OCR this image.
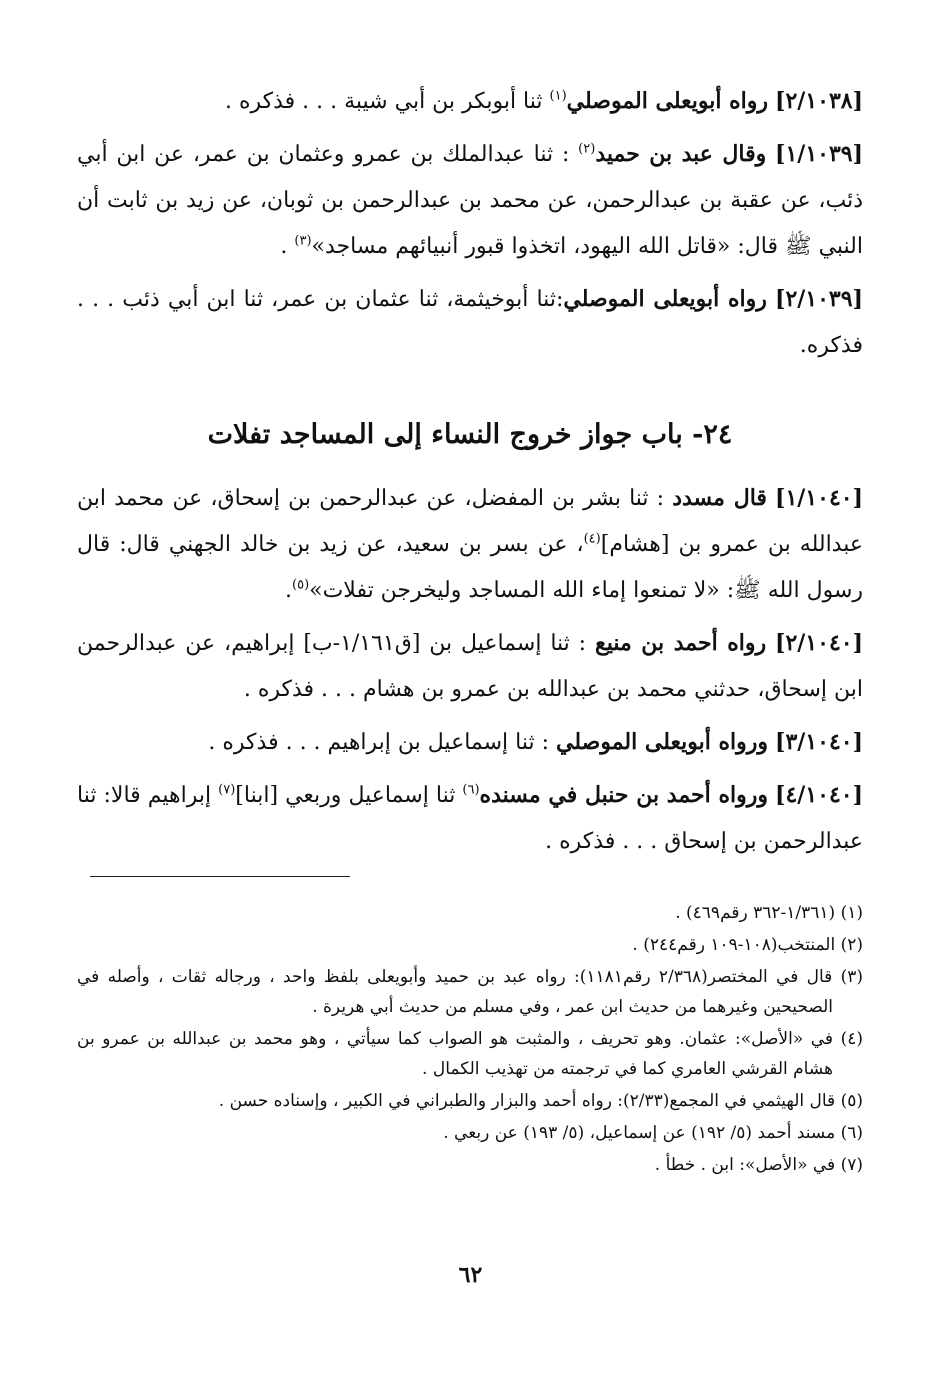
[٢/١٠٣٨] رواه أبويعلى الموصلي$^{(١)}$ ثنا أبوبكر بن أبي شيبة . . . فذكره .

[١/١٠٣٩] وقال عبد بن حميد$^{(٢)}$ : ثنا عبدالملك بن عمرو وعثمان بن عمر، عن ابن أبي ذئب، عن عقبة بن عبدالرحمن، عن محمد بن عبدالرحمن بن ثوبان، عن زيد بن ثابت أن النبي ﷺ قال: «قاتل الله اليهود، اتخذوا قبور أنبيائهم مساجد»$^{(٣)}$ .

[٢/١٠٣٩] رواه أبويعلى الموصلي:ثنا أبوخيثمة، ثنا عثمان بن عمر، ثنا ابن أبي ذئب . . . فذكره.

٢٤- باب جواز خروج النساء إلى المساجد تفلات

[١/١٠٤٠] قال مسدد : ثنا بشر بن المفضل، عن عبدالرحمن بن إسحاق، عن محمد ابن عبدالله بن عمرو بن [هشام]$^{(٤)}$، عن بسر بن سعيد، عن زيد بن خالد الجهني قال: قال رسول الله ﷺ: «لا تمنعوا إماء الله المساجد وليخرجن تفلات»$^{(٥)}$.

[٢/١٠٤٠] رواه أحمد بن منيع : ثنا إسماعيل بن [ق١/١٦١-ب] إبراهيم، عن عبدالرحمن ابن إسحاق، حدثني محمد بن عبدالله بن عمرو بن هشام . . . فذكره .

[٣/١٠٤٠] ورواه أبويعلى الموصلي : ثنا إسماعيل بن إبراهيم . . . فذكره .

[٤/١٠٤٠] ورواه أحمد بن حنبل في مسنده$^{(٦)}$ ثنا إسماعيل وربعي [ابنا]$^{(٧)}$ إبراهيم قالا: ثنا عبدالرحمن بن إسحاق . . . فذكره .

(١) (١/٣٦١-٣٦٢ رقم٤٦٩) .

(٢) المنتخب(١٠٨-١٠٩ رقم٢٤٤) .

(٣) قال في المختصر(٢/٣٦٨ رقم١١٨١): رواه عبد بن حميد وأبويعلى بلفظ واحد ، ورجاله ثقات ، وأصله في الصحيحين وغيرهما من حديث ابن عمر ، وفي مسلم من حديث أبي هريرة .

(٤) في «الأصل»: عثمان. وهو تحريف ، والمثبت هو الصواب كما سيأتي ، وهو محمد بن عبدالله بن عمرو بن هشام القرشي العامري كما في ترجمته من تهذيب الكمال .

(٥) قال الهيثمي في المجمع(٢/٣٣): رواه أحمد والبزار والطبراني في الكبير ، وإسناده حسن .

(٦) مسند أحمد (٥/ ١٩٢) عن إسماعيل، (٥/ ١٩٣) عن ربعي .

(٧) في «الأصل»: ابن . خطأ .

٦٢
